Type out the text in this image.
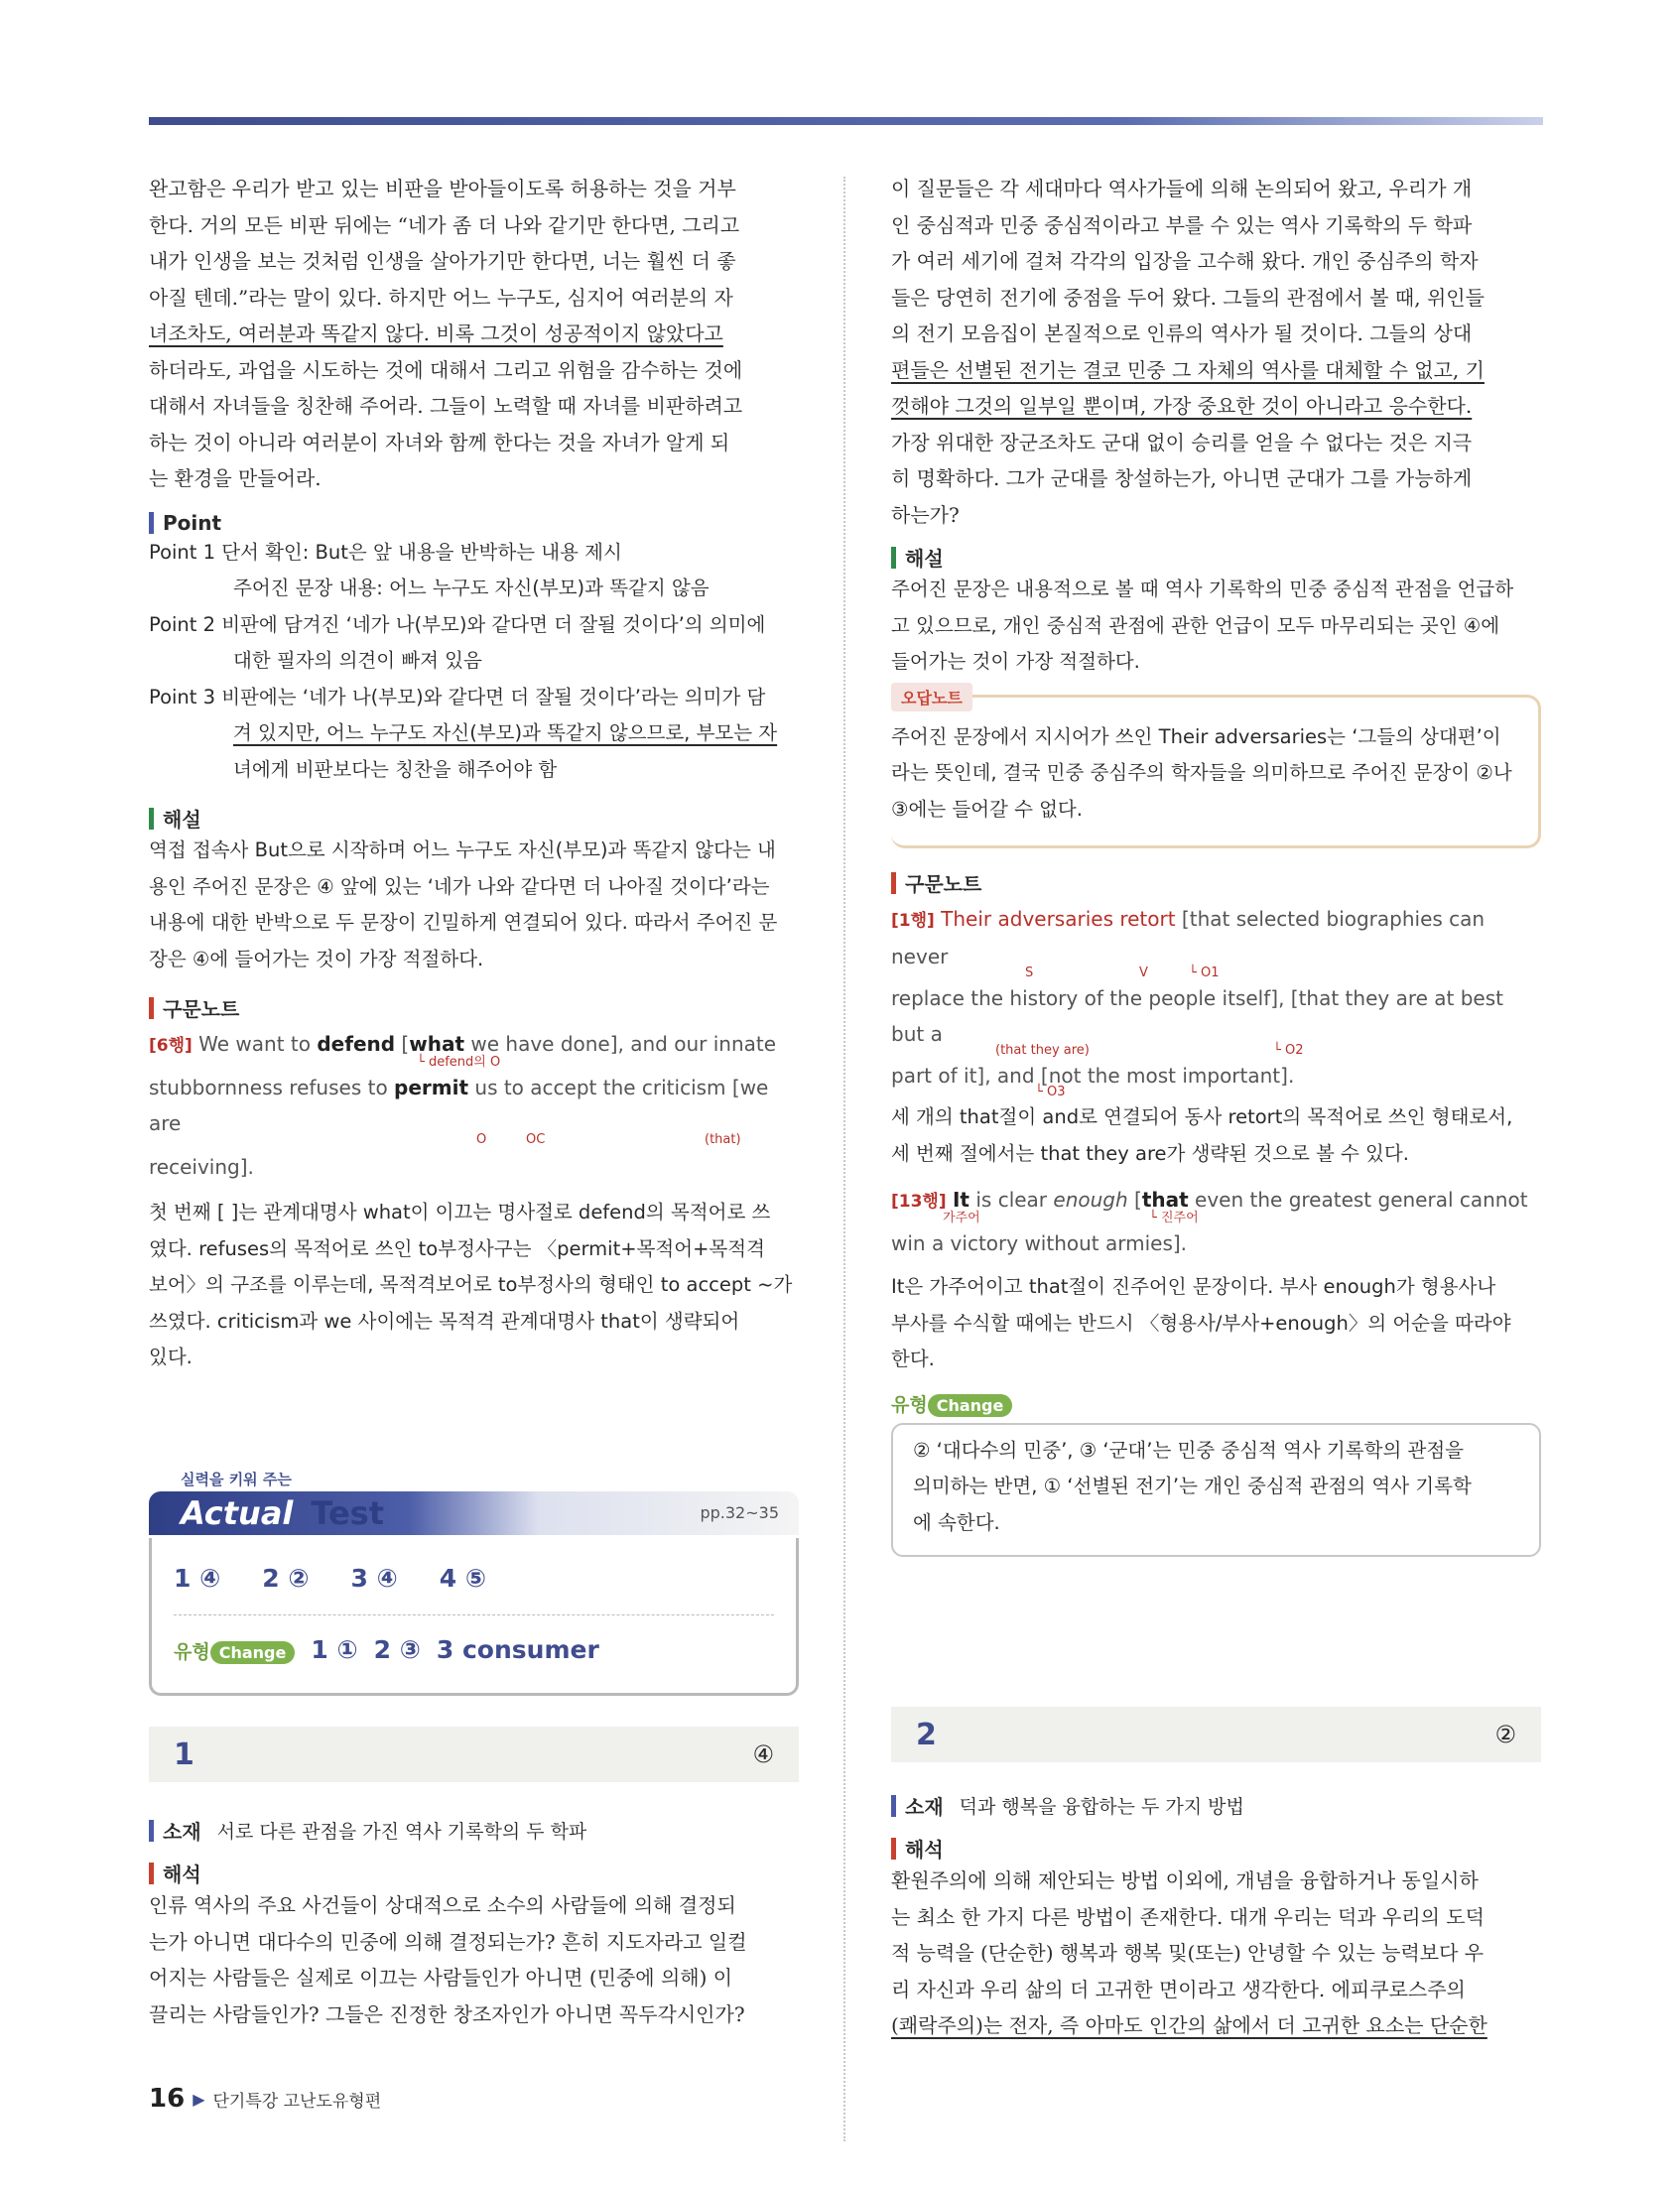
완고함은 우리가 받고 있는 비판을 받아들이도록 허용하는 것을 거부

한다. 거의 모든 비판 뒤에는 “네가 좀 더 나와 같기만 한다면, 그리고

내가 인생을 보는 것처럼 인생을 살아가기만 한다면, 너는 훨씬 더 좋

아질 텐데.”라는 말이 있다. 하지만 어느 누구도, 심지어 여러분의 자

녀조차도, 여러분과 똑같지 않다. 비록 그것이 성공적이지 않았다고

하더라도, 과업을 시도하는 것에 대해서 그리고 위험을 감수하는 것에

대해서 자녀들을 칭찬해 주어라. 그들이 노력할 때 자녀를 비판하려고

하는 것이 아니라 여러분이 자녀와 함께 한다는 것을 자녀가 알게 되

는 환경을 만들어라.

Point

Point 1 단서 확인: But은 앞 내용을 반박하는 내용 제시

주어진 문장 내용: 어느 누구도 자신(부모)과 똑같지 않음

Point 2 비판에 담겨진 ‘네가 나(부모)와 같다면 더 잘될 것이다’의 의미에

대한 필자의 의견이 빠져 있음

Point 3 비판에는 ‘네가 나(부모)와 같다면 더 잘될 것이다’라는 의미가 담

겨 있지만, 어느 누구도 자신(부모)과 똑같지 않으므로, 부모는 자

녀에게 비판보다는 칭찬을 해주어야 함

해설

역접 접속사 But으로 시작하며 어느 누구도 자신(부모)과 똑같지 않다는 내

용인 주어진 문장은 ④ 앞에 있는 ‘네가 나와 같다면 더 나아질 것이다’라는

내용에 대한 반박으로 두 문장이 긴밀하게 연결되어 있다. 따라서 주어진 문

장은 ④에 들어가는 것이 가장 적절하다.

구문노트

[6행] We want to defend [what we have done], and our innate

└ defend의 O

stubbornness refuses to permit us to accept the criticism [we are

O	OC	(that)

receiving].

첫 번째 [ ]는 관계대명사 what이 이끄는 명사절로 defend의 목적어로 쓰

였다. refuses의 목적어로 쓰인 to부정사구는 〈permit+목적어+목적격

보어〉의 구조를 이루는데, 목적격보어로 to부정사의 형태인 to accept ~가

쓰였다. criticism과 we 사이에는 목적격 관계대명사 that이 생략되어

있다.

실력을 키워 주는
Actual Test	pp.32~35
1 ④ 2 ② 3 ④ 4 ⑤
유형 Change	1 ① 2 ③ 3 consumer
1	④

소재 서로 다른 관점을 가진 역사 기록학의 두 학파

해석

인류 역사의 주요 사건들이 상대적으로 소수의 사람들에 의해 결정되

는가 아니면 대다수의 민중에 의해 결정되는가? 흔히 지도자라고 일컬

어지는 사람들은 실제로 이끄는 사람들인가 아니면 (민중에 의해) 이

끌리는 사람들인가? 그들은 진정한 창조자인가 아니면 꼭두각시인가?

이 질문들은 각 세대마다 역사가들에 의해 논의되어 왔고, 우리가 개

인 중심적과 민중 중심적이라고 부를 수 있는 역사 기록학의 두 학파

가 여러 세기에 걸쳐 각각의 입장을 고수해 왔다. 개인 중심주의 학자

들은 당연히 전기에 중점을 두어 왔다. 그들의 관점에서 볼 때, 위인들

의 전기 모음집이 본질적으로 인류의 역사가 될 것이다. 그들의 상대

편들은 선별된 전기는 결코 민중 그 자체의 역사를 대체할 수 없고, 기

껏해야 그것의 일부일 뿐이며, 가장 중요한 것이 아니라고 응수한다.

가장 위대한 장군조차도 군대 없이 승리를 얻을 수 없다는 것은 지극

히 명확하다. 그가 군대를 창설하는가, 아니면 군대가 그를 가능하게

하는가?

해설

주어진 문장은 내용적으로 볼 때 역사 기록학의 민중 중심적 관점을 언급하

고 있으므로, 개인 중심적 관점에 관한 언급이 모두 마무리되는 곳인 ④에

들어가는 것이 가장 적절하다.

오답노트

주어진 문장에서 지시어가 쓰인 Their adversaries는 ‘그들의 상대편’이

라는 뜻인데, 결국 민중 중심주의 학자들을 의미하므로 주어진 문장이 ②나

③에는 들어갈 수 없다.

구문노트

[1행] Their adversaries retort [that selected biographies can never

S	V	└ O1

replace the history of the people itself], [that they are at best but a

(that they are)	└ O2

part of it], and [not the most important].

└ O3

세 개의 that절이 and로 연결되어 동사 retort의 목적어로 쓰인 형태로서,

세 번째 절에서는 that they are가 생략된 것으로 볼 수 있다.

[13행] It is clear enough [that even the greatest general cannot

가주어	└ 진주어

win a victory without armies].

It은 가주어이고 that절이 진주어인 문장이다. 부사 enough가 형용사나

부사를 수식할 때에는 반드시 〈형용사/부사+enough〉의 어순을 따라야

한다.

유형 Change

② ‘대다수의 민중’, ③ ‘군대’는 민중 중심적 역사 기록학의 관점을

의미하는 반면, ① ‘선별된 전기’는 개인 중심적 관점의 역사 기록학

에 속한다.

2	②

소재 덕과 행복을 융합하는 두 가지 방법

해석

환원주의에 의해 제안되는 방법 이외에, 개념을 융합하거나 동일시하

는 최소 한 가지 다른 방법이 존재한다. 대개 우리는 덕과 우리의 도덕

적 능력을 (단순한) 행복과 행복 및(또는) 안녕할 수 있는 능력보다 우

리 자신과 우리 삶의 더 고귀한 면이라고 생각한다. 에피쿠로스주의

(쾌락주의)는 전자, 즉 아마도 인간의 삶에서 더 고귀한 요소는 단순한

16 ▶ 단기특강 고난도유형편
